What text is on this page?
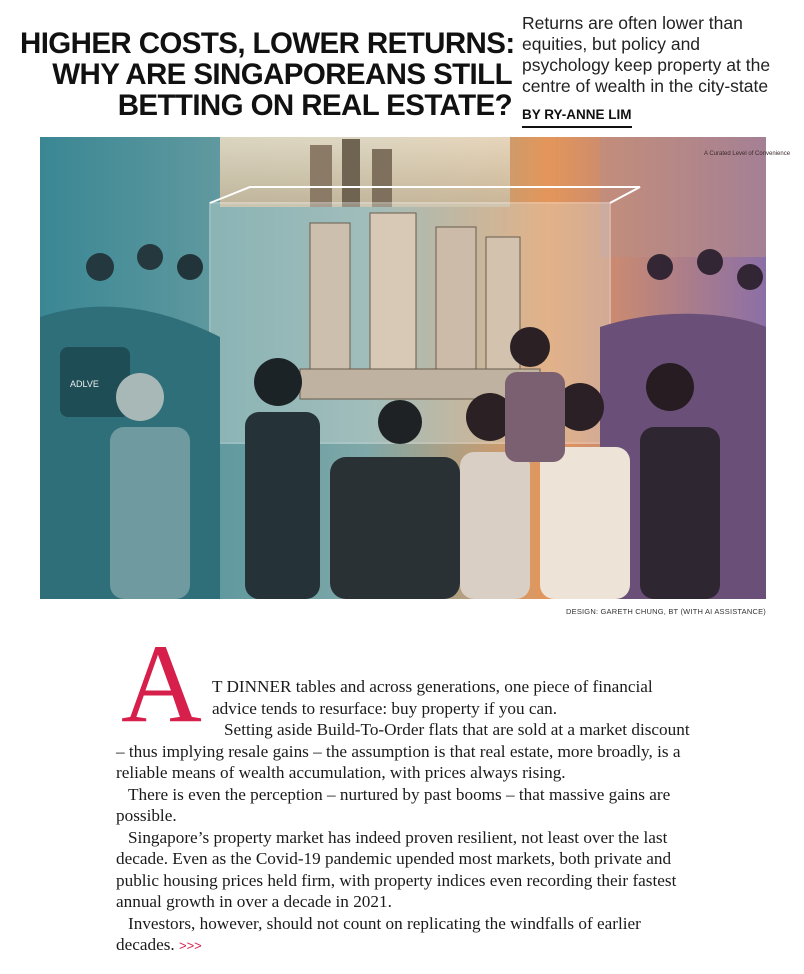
HIGHER COSTS, LOWER RETURNS:
WHY ARE SINGAPOREANS STILL
BETTING ON REAL ESTATE?
Returns are often lower than equities, but policy and psychology keep property at the centre of wealth in the city-state
BY RY-ANNE LIM
A Curated Level of Convenience
ADLVE
DESIGN: GARETH CHUNG, BT (WITH AI ASSISTANCE)
A T DINNER tables and across generations, one piece of financial
advice tends to resurface: buy property if you can.

Setting aside Build-To-Order flats that are sold at a market discount – thus implying resale gains – the assumption is that real estate, more broadly, is a reliable means of wealth accumulation, with prices always rising.

There is even the perception – nurtured by past booms – that massive gains are possible.

Singapore’s property market has indeed proven resilient, not least over the last decade. Even as the Covid-19 pandemic upended most markets, both private and public housing prices held firm, with property indices even recording their fastest annual growth in over a decade in 2021.

Investors, however, should not count on replicating the windfalls of earlier decades. >>>
